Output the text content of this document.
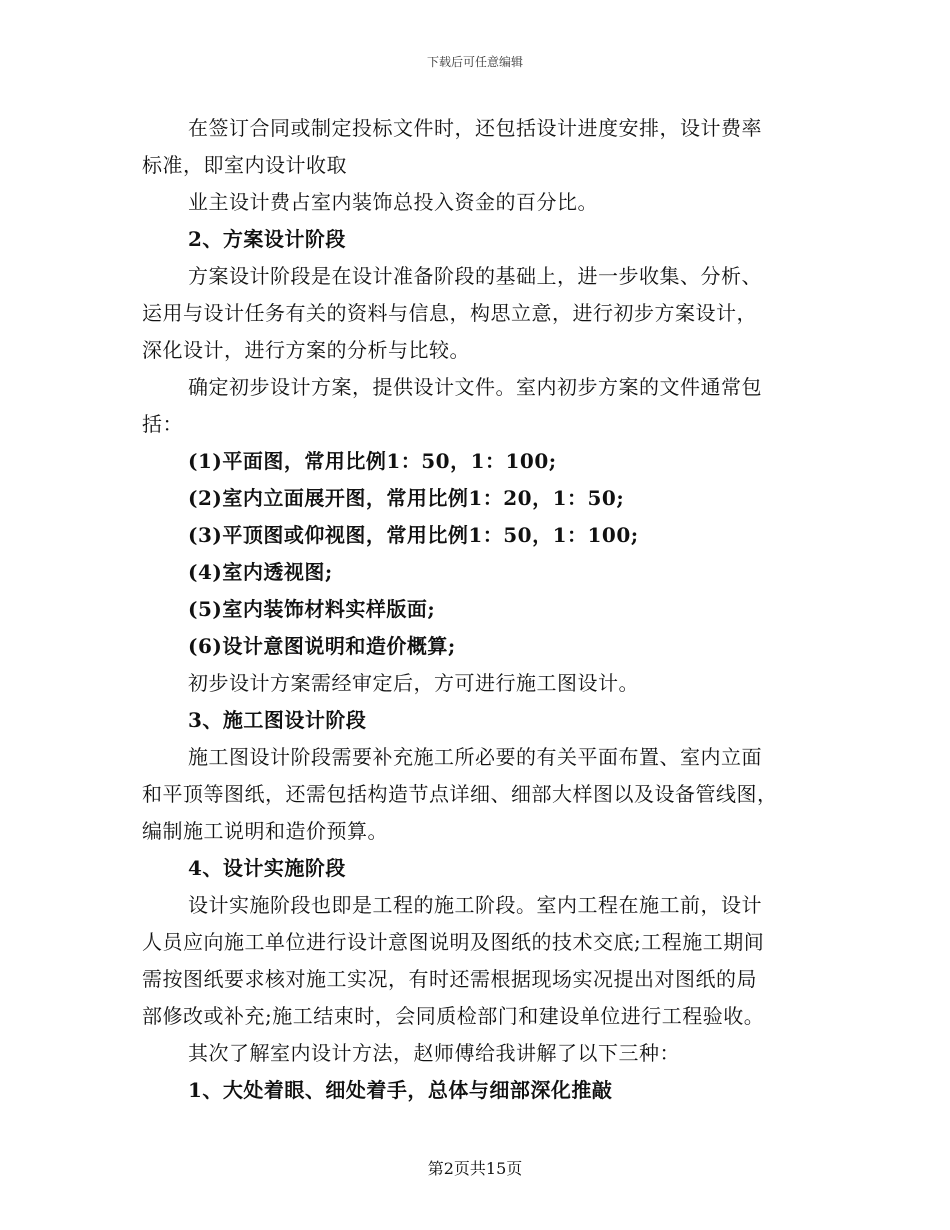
下载后可任意编辑
在签订合同或制定投标文件时，还包括设计进度安排，设计费率
标准，即室内设计收取
业主设计费占室内装饰总投入资金的百分比。
2、方案设计阶段
方案设计阶段是在设计准备阶段的基础上，进一步收集、分析、
运用与设计任务有关的资料与信息，构思立意，进行初步方案设计，
深化设计，进行方案的分析与比较。
确定初步设计方案，提供设计文件。室内初步方案的文件通常包
括：
(1)平面图，常用比例1：50，1：100;
(2)室内立面展开图，常用比例1：20，1：50;
(3)平顶图或仰视图，常用比例1：50，1：100;
(4)室内透视图;
(5)室内装饰材料实样版面;
(6)设计意图说明和造价概算;
初步设计方案需经审定后，方可进行施工图设计。
3、施工图设计阶段
施工图设计阶段需要补充施工所必要的有关平面布置、室内立面
和平顶等图纸，还需包括构造节点详细、细部大样图以及设备管线图，
编制施工说明和造价预算。
4、设计实施阶段
设计实施阶段也即是工程的施工阶段。室内工程在施工前，设计
人员应向施工单位进行设计意图说明及图纸的技术交底;工程施工期间
需按图纸要求核对施工实况，有时还需根据现场实况提出对图纸的局
部修改或补充;施工结束时，会同质检部门和建设单位进行工程验收。
其次了解室内设计方法，赵师傅给我讲解了以下三种：
1、大处着眼、细处着手，总体与细部深化推敲
第2页共15页
